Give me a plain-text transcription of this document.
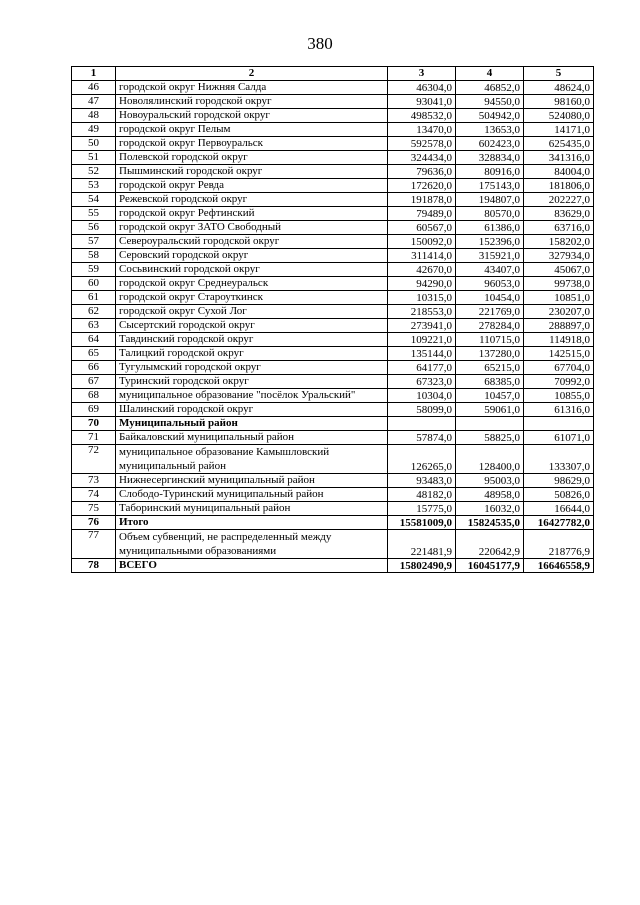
380
1	2	3	4	5
46	городской округ Нижняя Салда	46304,0	46852,0	48624,0
47	Новолялинский городской округ	93041,0	94550,0	98160,0
48	Новоуральский городской округ	498532,0	504942,0	524080,0
49	городской округ Пелым	13470,0	13653,0	14171,0
50	городской округ Первоуральск	592578,0	602423,0	625435,0
51	Полевской городской округ	324434,0	328834,0	341316,0
52	Пышминский городской округ	79636,0	80916,0	84004,0
53	городской округ Ревда	172620,0	175143,0	181806,0
54	Режевской городской округ	191878,0	194807,0	202227,0
55	городской округ Рефтинский	79489,0	80570,0	83629,0
56	городской округ ЗАТО Свободный	60567,0	61386,0	63716,0
57	Североуральский городской округ	150092,0	152396,0	158202,0
58	Серовский городской округ	311414,0	315921,0	327934,0
59	Сосьвинский городской округ	42670,0	43407,0	45067,0
60	городской округ Среднеуральск	94290,0	96053,0	99738,0
61	городской округ Староуткинск	10315,0	10454,0	10851,0
62	городской округ Сухой Лог	218553,0	221769,0	230207,0
63	Сысертский городской округ	273941,0	278284,0	288897,0
64	Тавдинский городской округ	109221,0	110715,0	114918,0
65	Талицкий городской округ	135144,0	137280,0	142515,0
66	Тугулымский городской округ	64177,0	65215,0	67704,0
67	Туринский городской округ	67323,0	68385,0	70992,0
68	муниципальное образование "посёлок Уральский"	10304,0	10457,0	10855,0
69	Шалинский городской округ	58099,0	59061,0	61316,0
70	Муниципальный район			
71	Байкаловский муниципальный район	57874,0	58825,0	61071,0
72	муниципальное образование Камышловский муниципальный район	126265,0	128400,0	133307,0
73	Нижнесергинский муниципальный район	93483,0	95003,0	98629,0
74	Слободо-Туринский муниципальный район	48182,0	48958,0	50826,0
75	Таборинский муниципальный район	15775,0	16032,0	16644,0
76	Итого	15581009,0	15824535,0	16427782,0
77	Объем субвенций, не распределенный между муниципальными образованиями	221481,9	220642,9	218776,9
78	ВСЕГО	15802490,9	16045177,9	16646558,9
